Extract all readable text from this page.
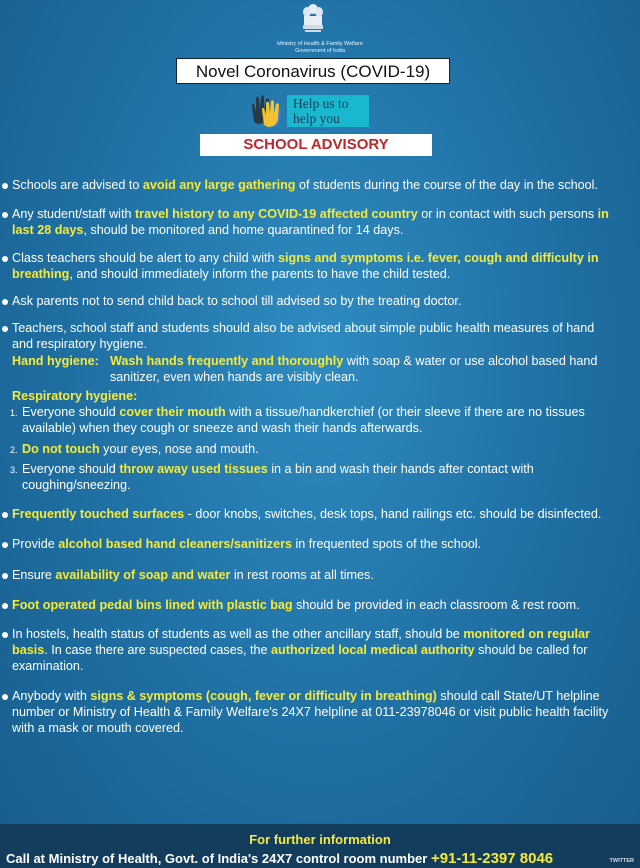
Ministry of Health & Family Welfare
Government of India
Novel Coronavirus (COVID-19)
Help us to
help you
SCHOOL ADVISORY
Schools are advised to avoid any large gathering of students during the course of the day in the school.
Any student/staff with travel history to any COVID-19 affected country or in contact with such persons in last 28 days, should be monitored and home quarantined for 14 days.
Class teachers should be alert to any child with signs and symptoms i.e. fever, cough and difficulty in breathing, and should immediately inform the parents to have the child tested.
Ask parents not to send child back to school till advised so by the treating doctor.
Teachers, school staff and students should also be advised about simple public health measures of hand and respiratory hygiene.
Hand hygiene: Wash hands frequently and thoroughly with soap & water or use alcohol based hand sanitizer, even when hands are visibly clean.
Respiratory hygiene:
1. Everyone should cover their mouth with a tissue/handkerchief (or their sleeve if there are no tissues available) when they cough or sneeze and wash their hands afterwards.
2. Do not touch your eyes, nose and mouth.
3. Everyone should throw away used tissues in a bin and wash their hands after contact with coughing/sneezing.
Frequently touched surfaces - door knobs, switches, desk tops, hand railings etc. should be disinfected.
Provide alcohol based hand cleaners/sanitizers in frequented spots of the school.
Ensure availability of soap and water in rest rooms at all times.
Foot operated pedal bins lined with plastic bag should be provided in each classroom & rest room.
In hostels, health status of students as well as the other ancillary staff, should be monitored on regular basis. In case there are suspected cases, the authorized local medical authority should be called for examination.
Anybody with signs & symptoms (cough, fever or difficulty in breathing) should call State/UT helpline number or Ministry of Health & Family Welfare's 24X7 helpline at 011-23978046 or visit public health facility with a mask or mouth covered.
For further information
Call at Ministry of Health, Govt. of India's 24X7 control room number +91-11-2397 8046	TWITTER
